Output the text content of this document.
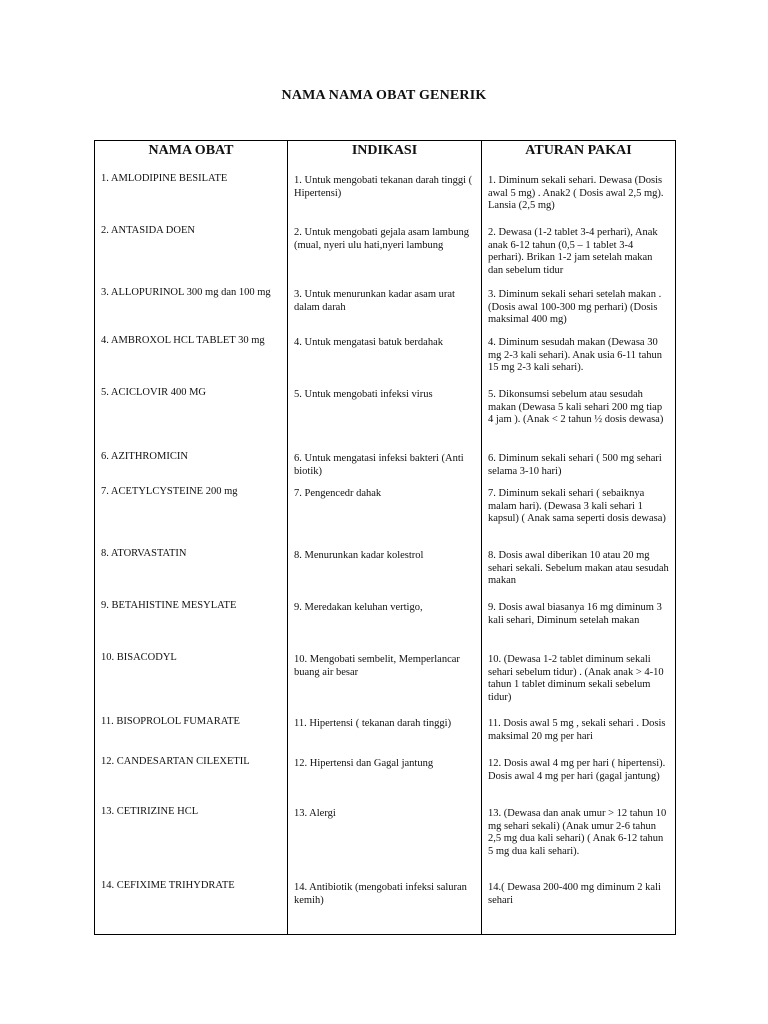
NAMA NAMA OBAT GENERIK
NAMA OBAT	INDIKASI	ATURAN PAKAI

1. AMLODIPINE BESILATE	1. Untuk mengobati tekanan darah tinggi ( Hipertensi)	1. Diminum sekali sehari. Dewasa (Dosis awal 5 mg) . Anak2 ( Dosis awal 2,5 mg). Lansia (2,5 mg)

2. ANTASIDA DOEN	2. Untuk mengobati gejala asam lambung (mual, nyeri ulu hati,nyeri lambung	2. Dewasa (1-2 tablet 3-4 perhari), Anak anak 6-12 tahun (0,5 – 1 tablet 3-4 perhari). Brikan 1-2 jam setelah makan dan sebelum tidur

3. ALLOPURINOL 300 mg dan 100 mg	3. Untuk menurunkan kadar asam urat dalam darah	3. Diminum sekali sehari setelah makan . (Dosis awal 100-300 mg perhari) (Dosis maksimal 400 mg)

4. AMBROXOL HCL TABLET 30 mg	4. Untuk mengatasi batuk berdahak	4. Diminum sesudah makan (Dewasa 30 mg 2-3 kali sehari). Anak usia 6-11 tahun 15 mg 2-3 kali sehari).

5. ACICLOVIR 400 MG	5. Untuk mengobati infeksi virus	5. Dikonsumsi sebelum atau sesudah makan (Dewasa 5 kali sehari 200 mg tiap 4 jam ). (Anak < 2 tahun ½ dosis dewasa)

6. AZITHROMICIN	6. Untuk mengatasi infeksi bakteri (Anti biotik)	6. Diminum sekali sehari ( 500 mg sehari selama 3-10 hari)

7. ACETYLCYSTEINE 200 mg	7. Pengencedr dahak	7. Diminum sekali sehari ( sebaiknya malam hari). (Dewasa 3 kali sehari 1 kapsul) ( Anak sama seperti dosis dewasa)

8. ATORVASTATIN	8. Menurunkan kadar kolestrol	8. Dosis awal diberikan 10 atau 20 mg sehari sekali. Sebelum makan atau sesudah makan

9. BETAHISTINE MESYLATE	9. Meredakan keluhan vertigo,	9. Dosis awal biasanya 16 mg diminum 3 kali sehari, Diminum setelah makan

10. BISACODYL	10. Mengobati sembelit, Memperlancar buang air besar	10. (Dewasa 1-2 tablet diminum sekali sehari sebelum tidur) . (Anak anak > 4-10 tahun 1 tablet diminum sekali sebelum tidur)

11. BISOPROLOL FUMARATE	11. Hipertensi ( tekanan darah tinggi)	11. Dosis awal 5 mg , sekali sehari . Dosis maksimal 20 mg per hari

12. CANDESARTAN CILEXETIL	12. Hipertensi dan Gagal jantung	12. Dosis awal 4 mg per hari ( hipertensi). Dosis awal 4 mg per hari (gagal jantung)

13. CETIRIZINE HCL	13. Alergi	13. (Dewasa dan anak umur > 12 tahun 10 mg sehari sekali) (Anak umur 2-6 tahun 2,5 mg dua kali sehari) ( Anak 6-12 tahun 5 mg dua kali sehari).

14. CEFIXIME TRIHYDRATE	14. Antibiotik (mengobati infeksi saluran kemih)	14.( Dewasa 200-400 mg diminum 2 kali sehari
